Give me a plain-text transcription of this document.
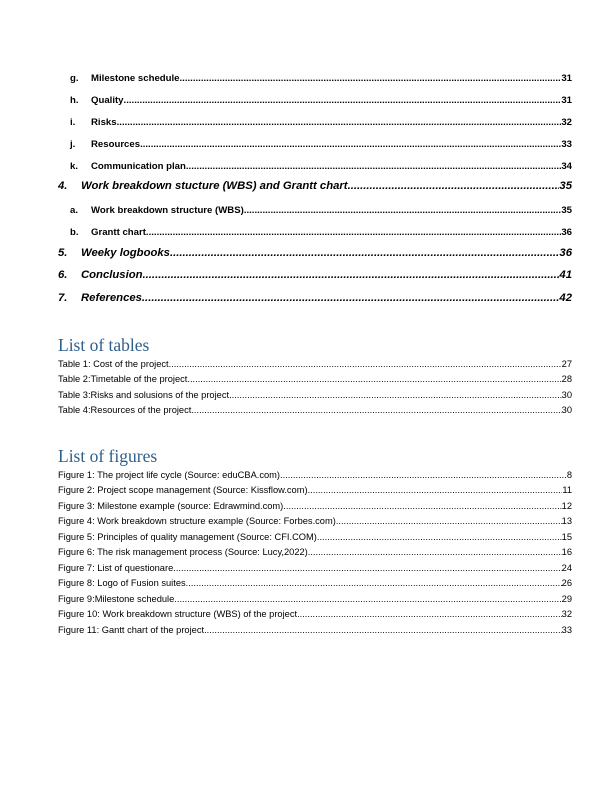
g.	Milestone schedule .....	31
h.	Quality .....	31
i.	Risks .....	32
j.	Resources .....	33
k.	Communication plan .....	34
4.	Work breakdown stucture (WBS) and Grantt chart .....	35
a.	Work breakdown structure (WBS) .....	35
b.	Grantt chart .....	36
5.	Weeky logbooks .....	36
6.	Conclusion .....	41
7.	References .....	42
List of tables
Table 1: Cost of the project .....	27
Table 2:Timetable of the project .....	28
Table 3:Risks and solusions of the project .....	30
Table 4:Resources of the project .....	30
List of figures
Figure 1: The project life cycle (Source: eduCBA.com) .....	8
Figure 2: Project scope management (Source: Kissflow.com) .....	11
Figure 3: Milestone example (source: Edrawmind.com) .....	12
Figure 4: Work breakdown structure example (Source: Forbes.com) .....	13
Figure 5: Principles of quality management (Source: CFI.COM) .....	15
Figure 6: The risk management process (Source: Lucy,2022) .....	16
Figure 7: List of questionare .....	24
Figure 8: Logo of Fusion suites .....	26
Figure 9:Milestone schedule .....	29
Figure 10: Work breakdown structure (WBS) of the project .....	32
Figure 11: Gantt chart of the project .....	33
